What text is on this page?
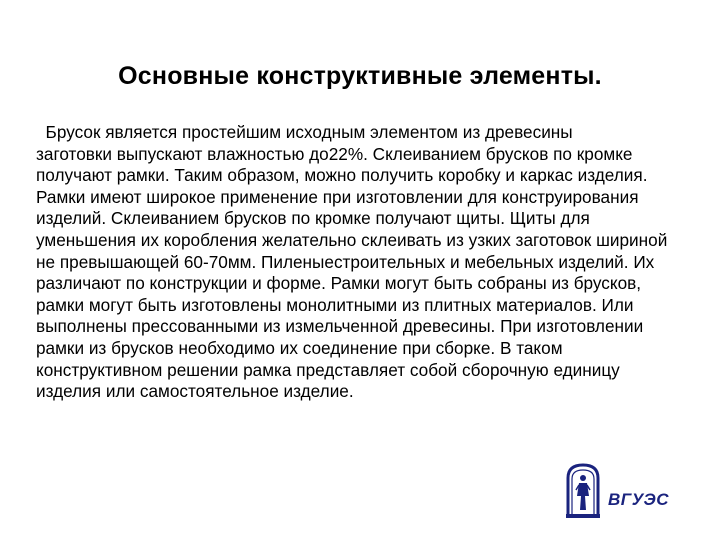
Основные конструктивные элементы.
Брусок является простейшим исходным элементом из древесины
заготовки выпускают влажностью до22%. Склеиванием брусков по кромке получают рамки. Таким образом, можно получить коробку и каркас изделия. Рамки имеют широкое применение при изготовлении для конструирования изделий. Склеиванием брусков по кромке получают щиты. Щиты для уменьшения их коробления желательно склеивать из узких заготовок шириной не превышающей 60-70мм. Пиленыестроительных и мебельных изделий. Их различают по конструкции и форме. Рамки могут быть собраны из брусков, рамки могут быть изготовлены монолитными из плитных материалов. Или выполнены прессованными из измельченной древесины. При изготовлении рамки из брусков необходимо их соединение при сборке. В таком конструктивном решении рамка представляет собой сборочную единицу изделия или самостоятельное изделие.
ВГУЭС
